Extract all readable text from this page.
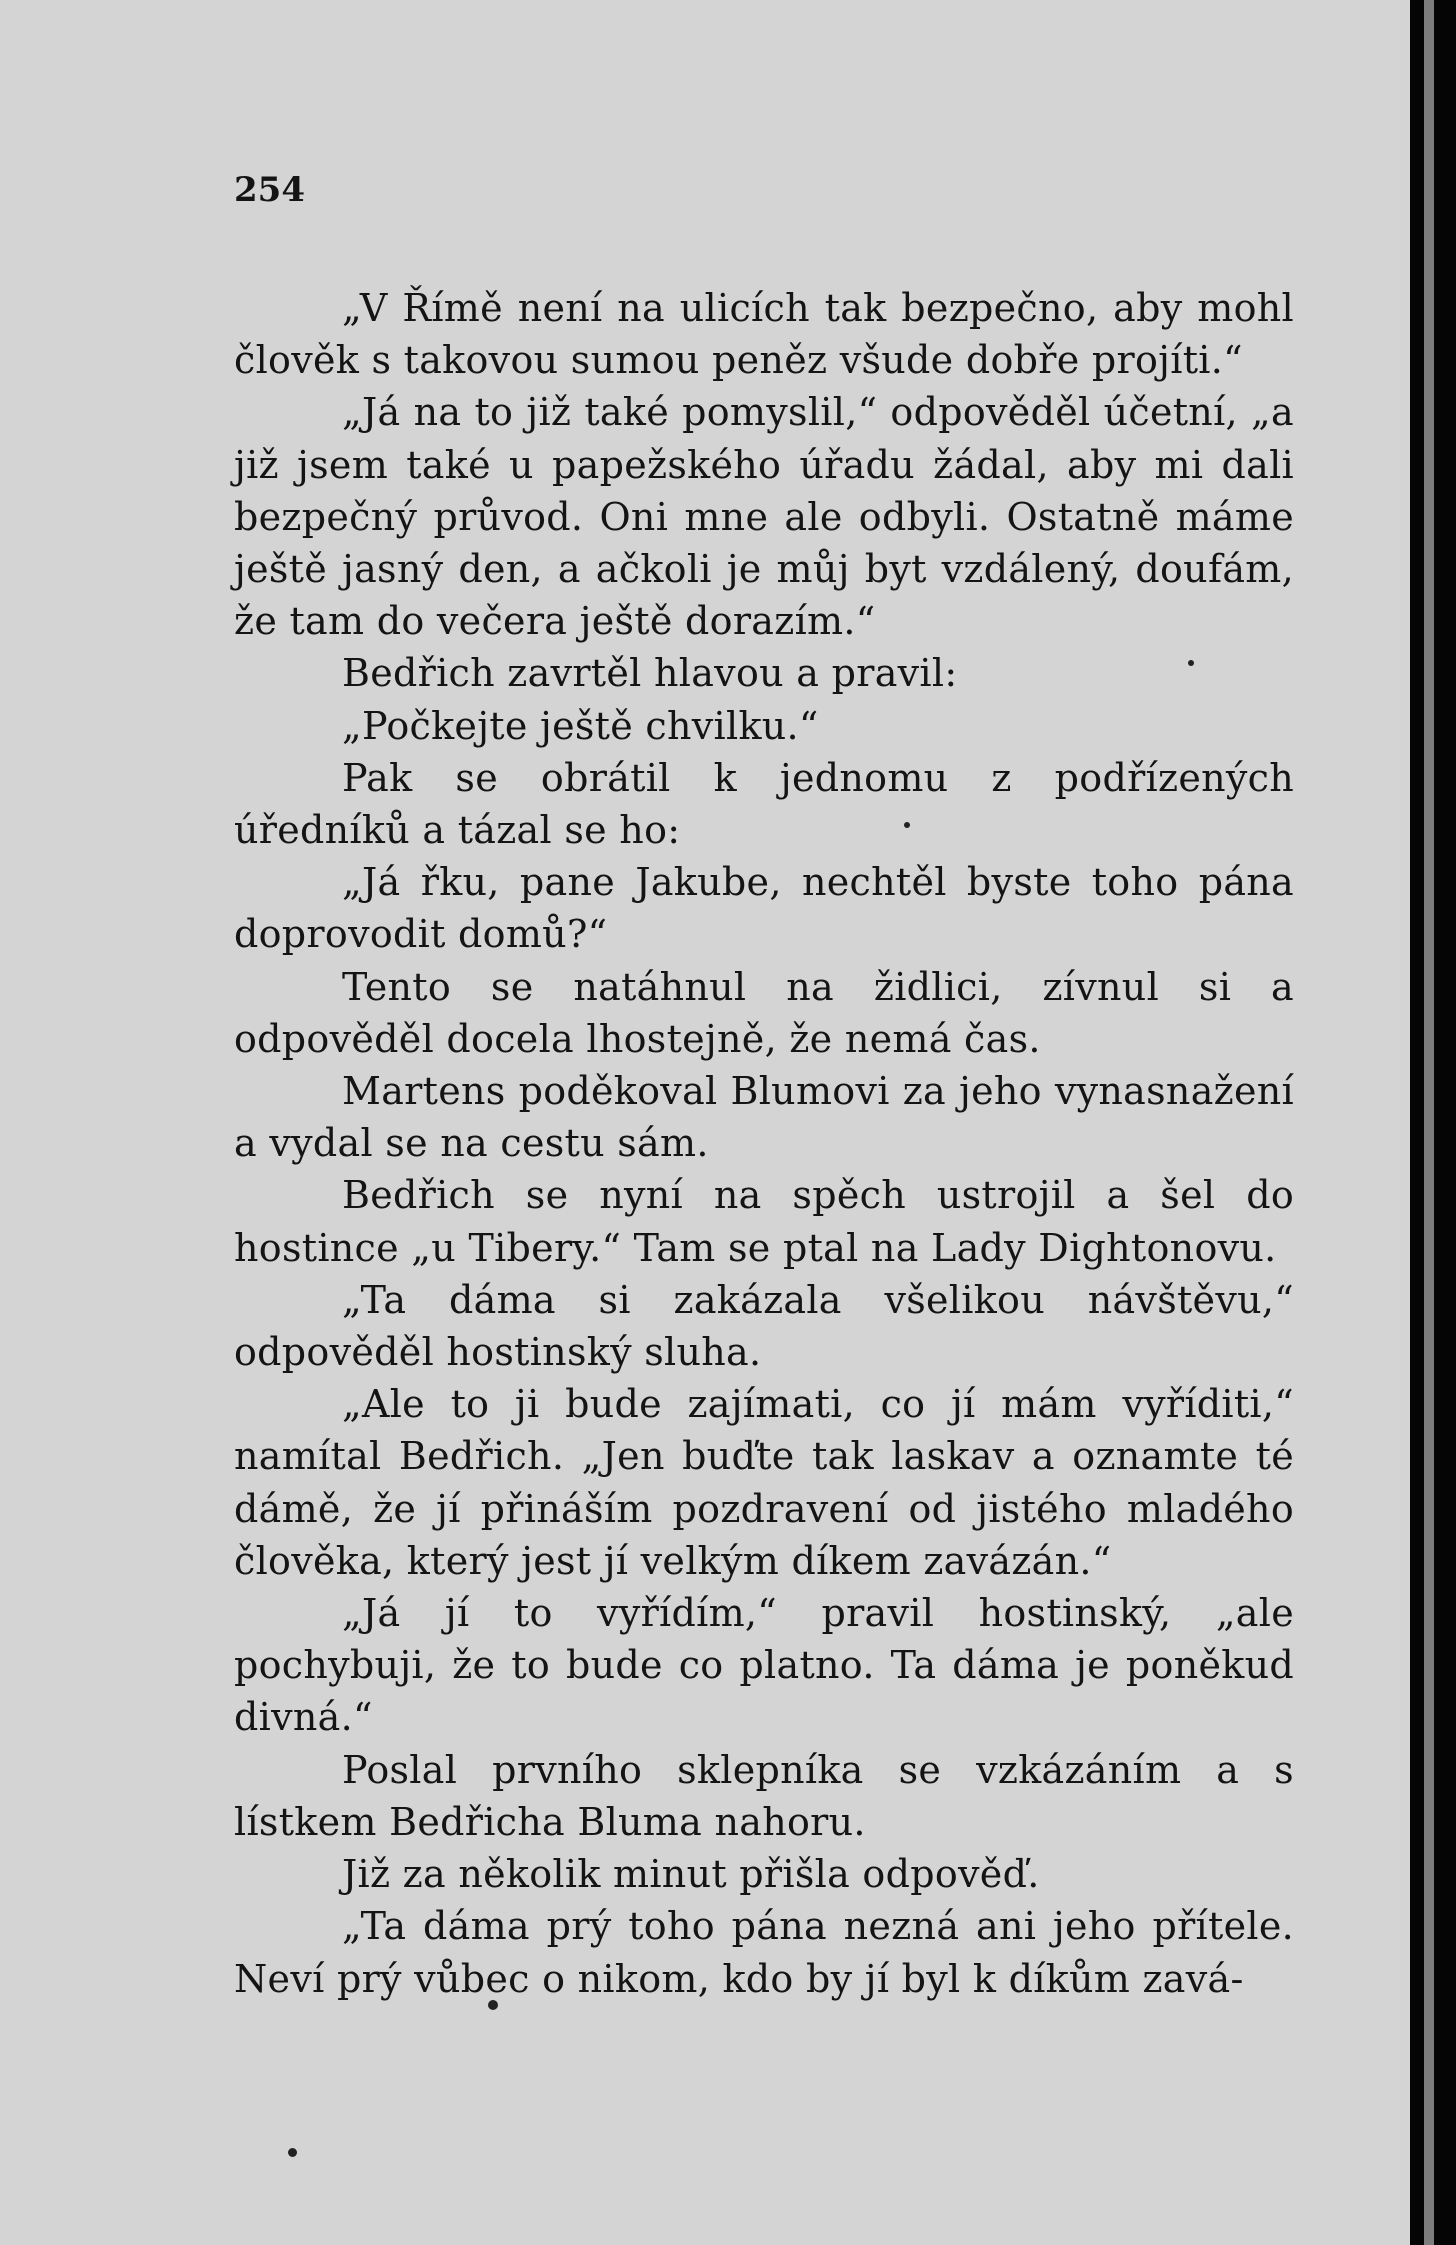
254

„V Římě není na ulicích tak bezpečno, aby mohl člověk s takovou sumou peněz všude dobře projíti.“

„Já na to již také pomyslil,“ odpověděl účetní, „a již jsem také u papežského úřadu žádal, aby mi dali bezpečný průvod. Oni mne ale odbyli. Ostatně máme ještě jasný den, a ačkoli je můj byt vzdálený, doufám, že tam do večera ještě dorazím.“

Bedřich zavrtěl hlavou a pravil:

„Počkejte ještě chvilku.“

Pak se obrátil k jednomu z podřízených úředníků a tázal se ho:

„Já řku, pane Jakube, nechtěl byste toho pána doprovodit domů?“

Tento se natáhnul na židlici, zívnul si a odpověděl docela lhostejně, že nemá čas.

Martens poděkoval Blumovi za jeho vynasnažení a vydal se na cestu sám.

Bedřich se nyní na spěch ustrojil a šel do hostince „u Tibery.“ Tam se ptal na Lady Dightonovu.

„Ta dáma si zakázala všelikou návštěvu,“ odpověděl hostinský sluha.

„Ale to ji bude zajímati, co jí mám vyříditi,“ namítal Bedřich. „Jen buďte tak laskav a oznamte té dámě, že jí přináším pozdravení od jistého mladého člověka, který jest jí velkým díkem zavázán.“

„Já jí to vyřídím,“ pravil hostinský, „ale pochybuji, že to bude co platno. Ta dáma je poněkud divná.“

Poslal prvního sklepníka se vzkázáním a s lístkem Bedřicha Bluma nahoru.

Již za několik minut přišla odpověď.

„Ta dáma prý toho pána nezná ani jeho přítele. Neví prý vůbec o nikom, kdo by jí byl k díkům zavá-
